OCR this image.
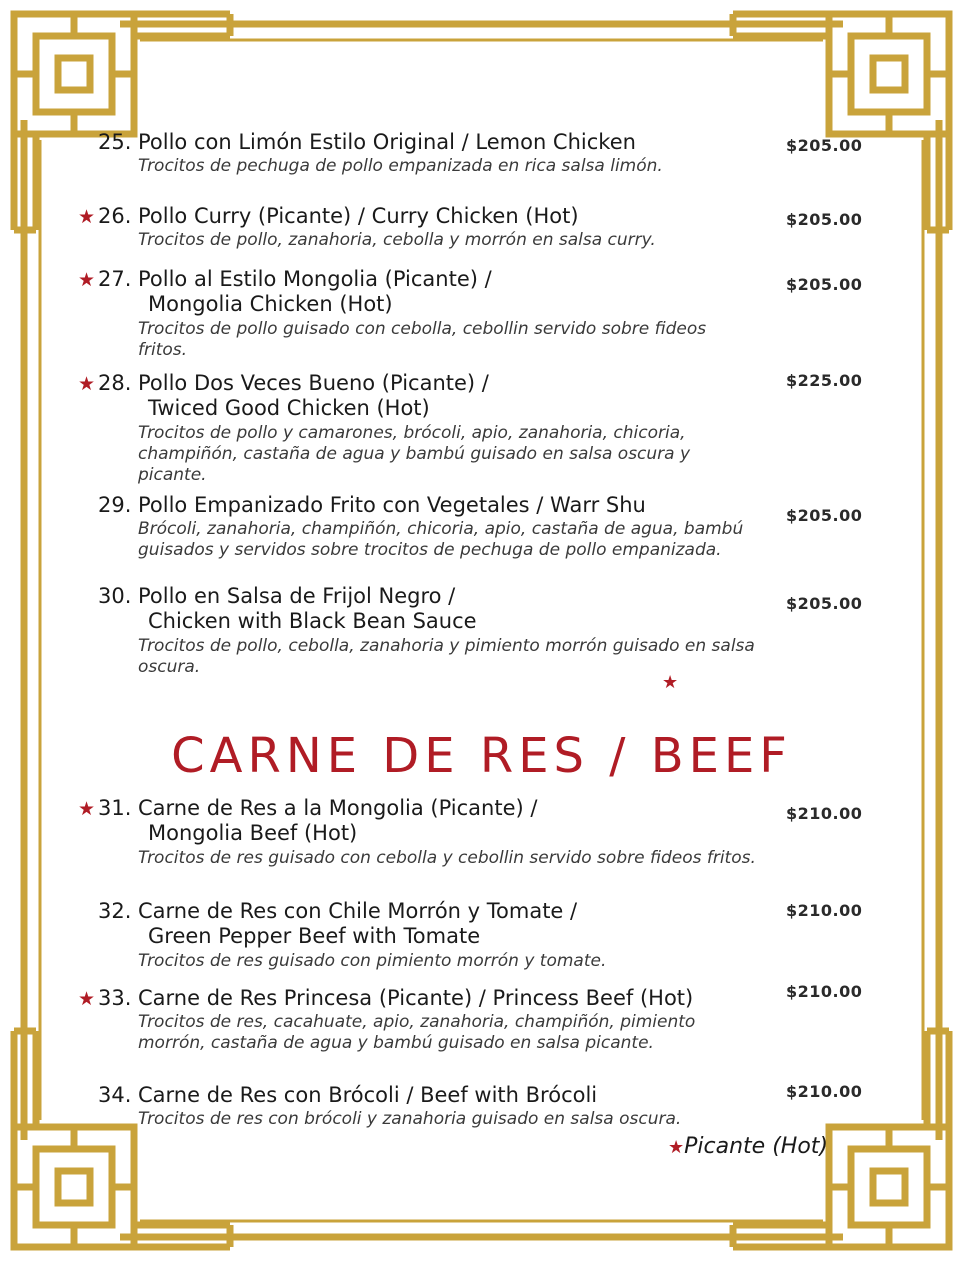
25. Pollo con Limón Estilo Original / Lemon Chicken
Trocitos de pechuga de pollo empanizada en rica salsa limón.
$205.00
★ 26. Pollo Curry (Picante) / Curry Chicken (Hot)
Trocitos de pollo, zanahoria, cebolla y morrón en salsa curry.
$205.00
★ 27. Pollo al Estilo Mongolia (Picante) /
Mongolia Chicken (Hot)
Trocitos de pollo guisado con cebolla, cebollin servido sobre fideos fritos.
$205.00
★ 28. Pollo Dos Veces Bueno (Picante) /
Twiced Good Chicken (Hot)
Trocitos de pollo y camarones, brócoli, apio, zanahoria, chicoria, champiñón, castaña de agua y bambú guisado en salsa oscura y picante.
$225.00
29. Pollo Empanizado Frito con Vegetales / Warr Shu
Brócoli, zanahoria, champiñón, chicoria, apio, castaña de agua, bambú guisados y servidos sobre trocitos de pechuga de pollo empanizada.
$205.00
30. Pollo en Salsa de Frijol Negro /
Chicken with Black Bean Sauce
Trocitos de pollo, cebolla, zanahoria y pimiento morrón guisado en salsa oscura.
$205.00
★ 31. Carne de Res a la Mongolia (Picante) /
Mongolia Beef (Hot)
Trocitos de res guisado con cebolla y cebollin servido sobre fideos fritos.
$210.00
32. Carne de Res con Chile Morrón y Tomate /
Green Pepper Beef with Tomate
Trocitos de res guisado con pimiento morrón y tomate.
$210.00
★ 33. Carne de Res Princesa (Picante) / Princess Beef (Hot)
Trocitos de res, cacahuate, apio, zanahoria, champiñón, pimiento morrón, castaña de agua y bambú guisado en salsa picante.
$210.00
34. Carne de Res con Brócoli / Beef with Brócoli
Trocitos de res con brócoli y zanahoria guisado en salsa oscura.
$210.00
★
CARNE DE RES / BEEF
★Picante (Hot)
